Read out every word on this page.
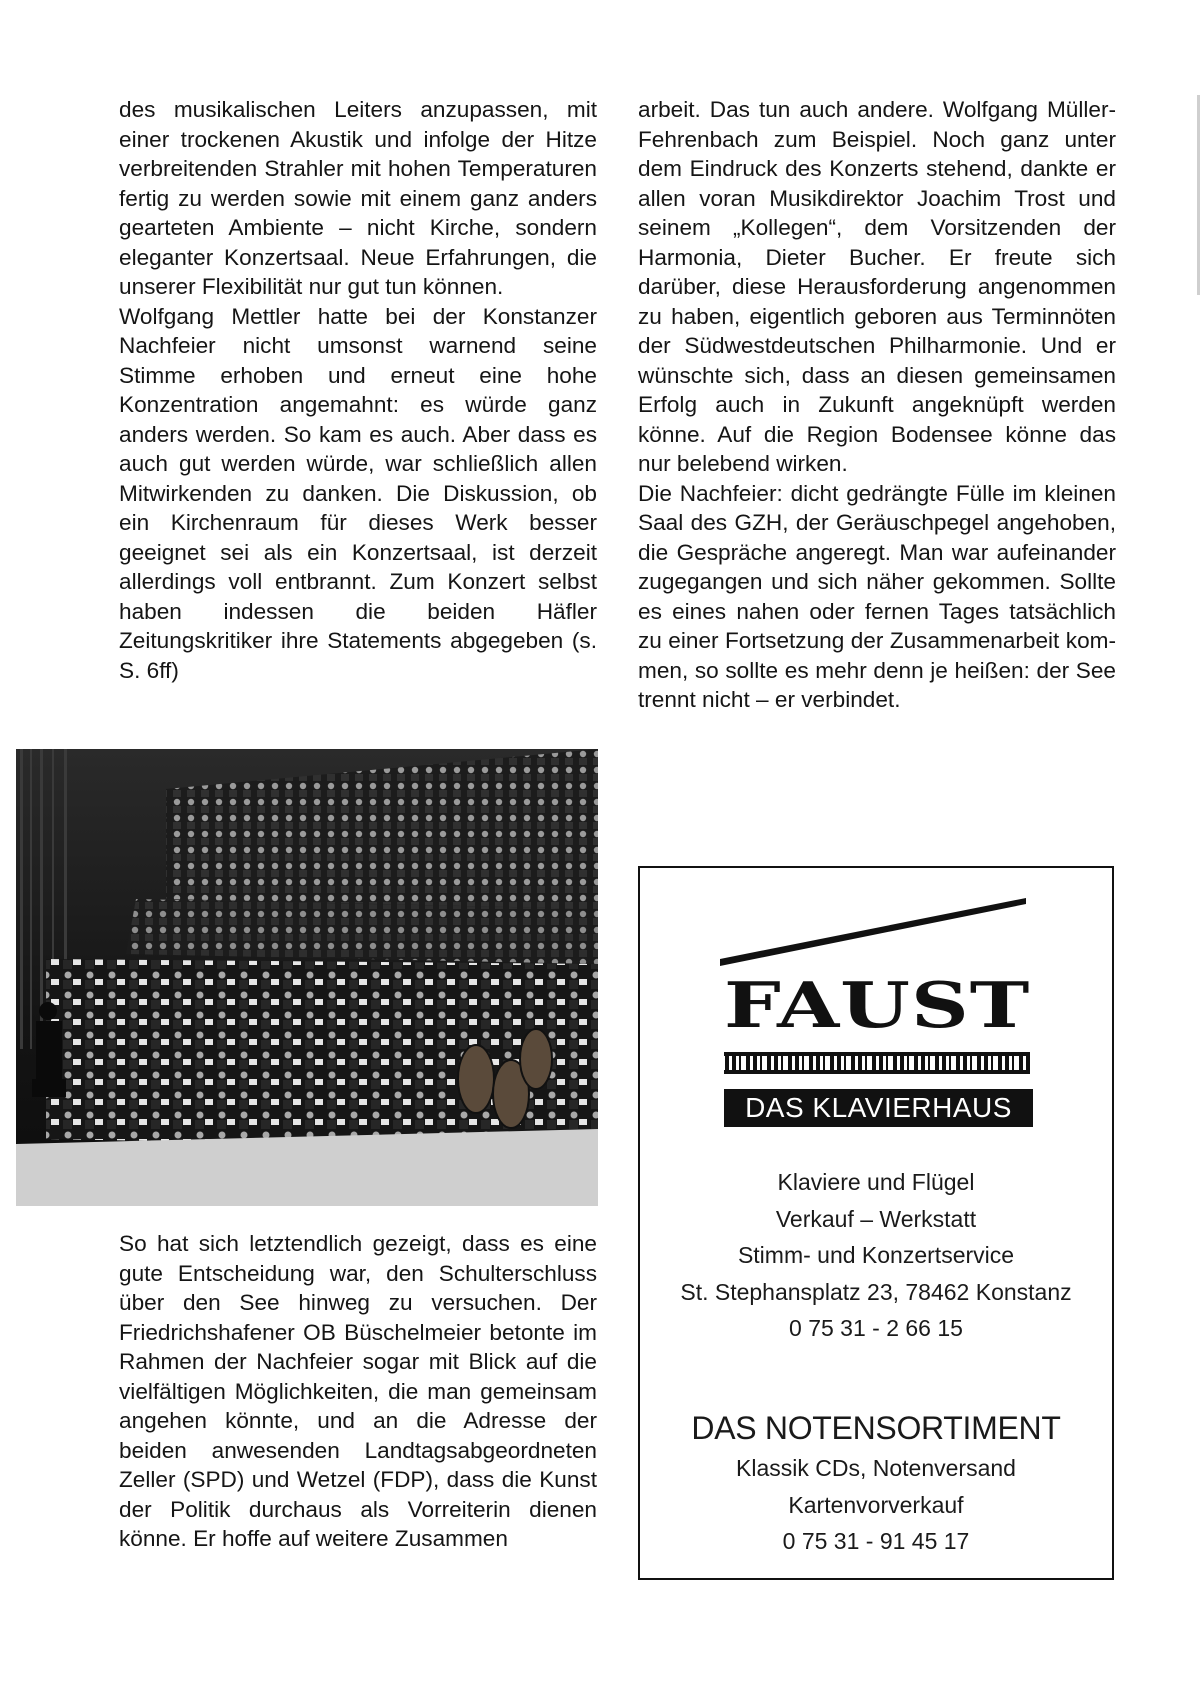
des musikalischen Leiters anzupassen, mit einer trockenen Akustik und infolge der Hitze verbreitenden Strahler mit hohen Temperaturen fertig zu werden sowie mit einem ganz anders gearteten Ambiente – nicht Kirche, sondern eleganter Konzertsaal. Neue Erfahrungen, die unserer Flexibilität nur gut tun können.

Wolfgang Mettler hatte bei der Konstanzer Nachfeier nicht umsonst warnend seine Stimme erhoben und erneut eine hohe Konzentration angemahnt: es würde ganz anders werden. So kam es auch. Aber dass es auch gut werden würde, war schließlich allen Mitwirkenden zu danken. Die Diskussion, ob ein Kirchenraum für dieses Werk besser geeignet sei als ein Konzertsaal, ist derzeit allerdings voll entbrannt. Zum Konzert selbst haben indessen die beiden Häfler Zeitungskritiker ihre Statements abgegeben (s. S. 6ff)

So hat sich letztendlich gezeigt, dass es eine gute Entscheidung war, den Schulterschluss über den See hinweg zu versuchen. Der Friedrichshafener OB Büschelmeier betonte im Rahmen der Nachfeier sogar mit Blick auf die vielfältigen Möglichkeiten, die man gemeinsam angehen könnte, und an die Adresse der beiden anwesenden Landtagsabgeordneten Zeller (SPD) und Wetzel (FDP), dass die Kunst der Politik durchaus als Vorreiterin dienen könne. Er hoffe auf weitere Zusammen

arbeit. Das tun auch andere. Wolfgang Müller-Fehrenbach zum Beispiel. Noch ganz unter dem Eindruck des Konzerts stehend, dankte er allen voran Musikdirektor Joachim Trost und seinem „Kollegen“, dem Vorsitzenden der Harmonia, Dieter Bucher. Er freute sich darüber, diese Herausforderung angenommen zu haben, eigentlich geboren aus Terminnöten der Südwestdeutschen Philharmonie. Und er wünschte sich, dass an diesen gemeinsamen Erfolg auch in Zukunft angeknüpft werden könne. Auf die Region Bodensee könne das nur belebend wirken.

Die Nachfeier: dicht gedrängte Fülle im kleinen Saal des GZH, der Geräuschpegel angehoben, die Gespräche angeregt. Man war aufeinander zugegangen und sich näher gekommen. Sollte es eines nahen oder fernen Tages tatsächlich zu einer Fortsetzung der Zusammenarbeit kommen, so sollte es mehr denn je heißen: der See trennt nicht – er verbindet.

FAUST
DAS KLAVIERHAUS
Klaviere und Flügel
Verkauf – Werkstatt
Stimm- und Konzertservice
St. Stephansplatz 23, 78462 Konstanz
0 75 31 - 2 66 15
DAS NOTENSORTIMENT
Klassik CDs, Notenversand
Kartenvorverkauf
0 75 31 - 91 45 17
